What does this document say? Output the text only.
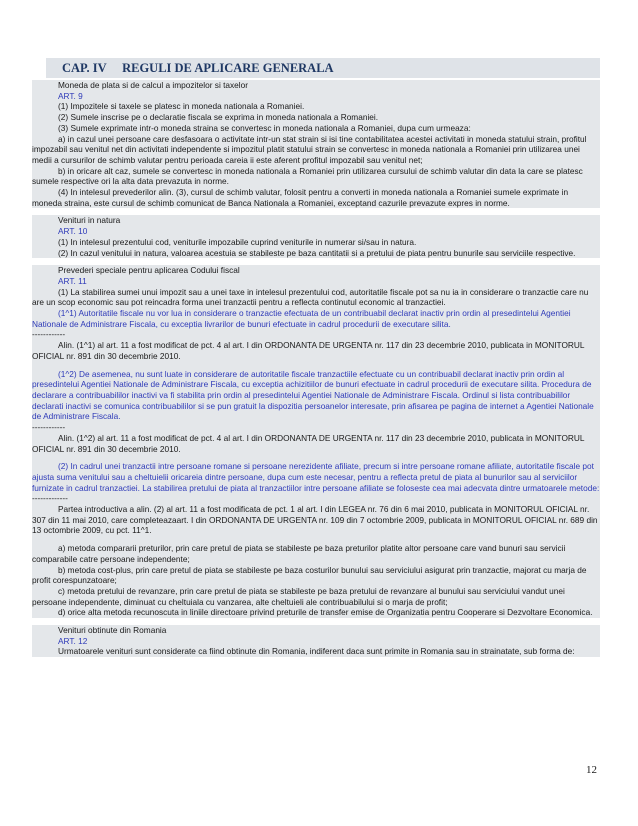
CAP. IV     REGULI DE APLICARE GENERALA
Moneda de plata si de calcul a impozitelor si taxelor
ART. 9
(1) Impozitele si taxele se platesc in moneda nationala a Romaniei.
(2) Sumele inscrise pe o declaratie fiscala se exprima in moneda nationala a Romaniei.
(3) Sumele exprimate intr-o moneda straina se convertesc in moneda nationala a Romaniei, dupa cum urmeaza:
a) in cazul unei persoane care desfasoara o activitate intr-un stat strain si isi tine contabilitatea acestei activitati in moneda statului strain, profitul impozabil sau venitul net din activitati independente si impozitul platit statului strain se convertesc in moneda nationala a Romaniei prin utilizarea unei medii a cursurilor de schimb valutar pentru perioada careia ii este aferent profitul impozabil sau venitul net;
b) in oricare alt caz, sumele se convertesc in moneda nationala a Romaniei prin utilizarea cursului de schimb valutar din data la care se platesc sumele respective ori la alta data prevazuta in norme.
(4) In intelesul prevederilor alin. (3), cursul de schimb valutar, folosit pentru a converti in moneda nationala a Romaniei sumele exprimate in moneda straina, este cursul de schimb comunicat de Banca Nationala a Romaniei, exceptand cazurile prevazute expres in norme.
Venituri in natura
ART. 10
(1) In intelesul prezentului cod, veniturile impozabile cuprind veniturile in numerar si/sau in natura.
(2) In cazul venitului in natura, valoarea acestuia se stabileste pe baza cantitatii si a pretului de piata pentru bunurile sau serviciile respective.
Prevederi speciale pentru aplicarea Codului fiscal
ART. 11
(1) La stabilirea sumei unui impozit sau a unei taxe in intelesul prezentului cod, autoritatile fiscale pot sa nu ia in considerare o tranzactie care nu are un scop economic sau pot reincadra forma unei tranzactii pentru a reflecta continutul economic al tranzactiei.
(1^1) Autoritatile fiscale nu vor lua in considerare o tranzactie efectuata de un contribuabil declarat inactiv prin ordin al presedintelui Agentiei Nationale de Administrare Fiscala, cu exceptia livrarilor de bunuri efectuate in cadrul procedurii de executare silita.
------------
Alin. (1^1) al art. 11 a fost modificat de pct. 4 al art. I din ORDONANTA DE URGENTA nr. 117 din 23 decembrie 2010, publicata in MONITORUL OFICIAL nr. 891 din 30 decembrie 2010.
(1^2) De asemenea, nu sunt luate in considerare de autoritatile fiscale tranzactiile efectuate cu un contribuabil declarat inactiv prin ordin al presedintelui Agentiei Nationale de Administrare Fiscala, cu exceptia achizitiilor de bunuri efectuate in cadrul procedurii de executare silita. Procedura de declarare a contribuabililor inactivi va fi stabilita prin ordin al presedintelui Agentiei Nationale de Administrare Fiscala. Ordinul si lista contribuabililor declarati inactivi se comunica contribuabililor si se pun gratuit la dispozitia persoanelor interesate, prin afisarea pe pagina de internet a Agentiei Nationale de Administrare Fiscala.
------------
Alin. (1^2) al art. 11 a fost modificat de pct. 4 al art. I din ORDONANTA DE URGENTA nr. 117 din 23 decembrie 2010, publicata in MONITORUL OFICIAL nr. 891 din 30 decembrie 2010.
(2) In cadrul unei tranzactii intre persoane romane si persoane nerezidente afiliate, precum si intre persoane romane afiliate, autoritatile fiscale pot ajusta suma venitului sau a cheltuielii oricareia dintre persoane, dupa cum este necesar, pentru a reflecta pretul de piata al bunurilor sau al serviciilor furnizate in cadrul tranzactiei. La stabilirea pretului de piata al tranzactiilor intre persoane afiliate se foloseste cea mai adecvata dintre urmatoarele metode:
-------------
Partea introductiva a alin. (2) al art. 11 a fost modificata de pct. 1 al art. I din LEGEA nr. 76 din 6 mai 2010, publicata in MONITORUL OFICIAL nr. 307 din 11 mai 2010, care completeazaart. I din ORDONANTA DE URGENTA nr. 109 din 7 octombrie 2009, publicata in MONITORUL OFICIAL nr. 689 din 13 octombrie 2009, cu pct. 11^1.
a) metoda compararii preturilor, prin care pretul de piata se stabileste pe baza preturilor platite altor persoane care vand bunuri sau servicii comparabile catre persoane independente;
b) metoda cost-plus, prin care pretul de piata se stabileste pe baza costurilor bunului sau serviciului asigurat prin tranzactie, majorat cu marja de profit corespunzatoare;
c) metoda pretului de revanzare, prin care pretul de piata se stabileste pe baza pretului de revanzare al bunului sau serviciului vandut unei persoane independente, diminuat cu cheltuiala cu vanzarea, alte cheltuieli ale contribuabilului si o marja de profit;
d) orice alta metoda recunoscuta in liniile directoare privind preturile de transfer emise de Organizatia pentru Cooperare si Dezvoltare Economica.
Venituri obtinute din Romania
ART. 12
Urmatoarele venituri sunt considerate ca fiind obtinute din Romania, indiferent daca sunt primite in Romania sau in strainatate, sub forma de:
12
